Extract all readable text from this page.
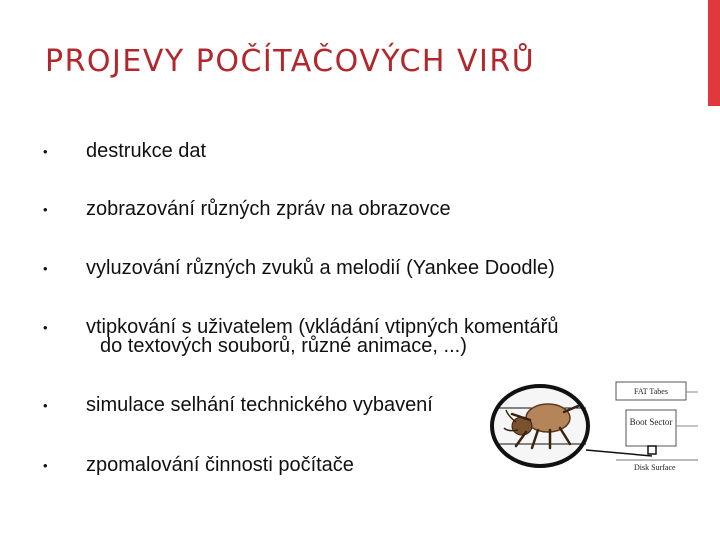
PROJEVY POČÍTAČOVÝCH VIRŮ
• destrukce dat
• zobrazování různých zpráv na obrazovce
• vyluzování různých zvuků a melodií (Yankee Doodle)
• vtipkování s uživatelem (vkládání vtipných komentářů
do textových souborů, různé animace, ...)
• simulace selhání technického vybavení
• zpomalování činnosti počítače
FAT Tabes
Boot Sector
Disk Surface
